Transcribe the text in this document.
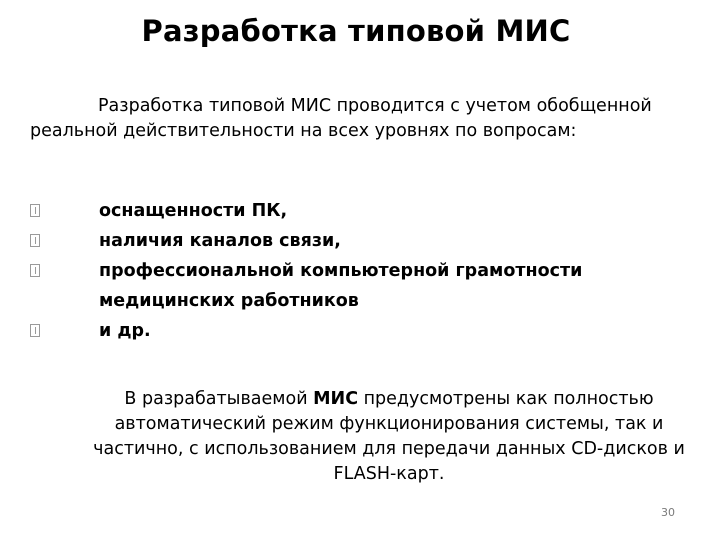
Разработка типовой МИС
Разработка типовой МИС проводится с учетом обобщенной реальной действительности на всех уровнях по вопросам:
оснащенности ПК,
наличия каналов связи,
профессиональной компьютерной грамотности медицинских работников
и др.
В разрабатываемой МИС предусмотрены как полностью автоматический режим функционирования системы, так и частично, с использованием для передачи данных CD-дисков и FLASH-карт.
30
